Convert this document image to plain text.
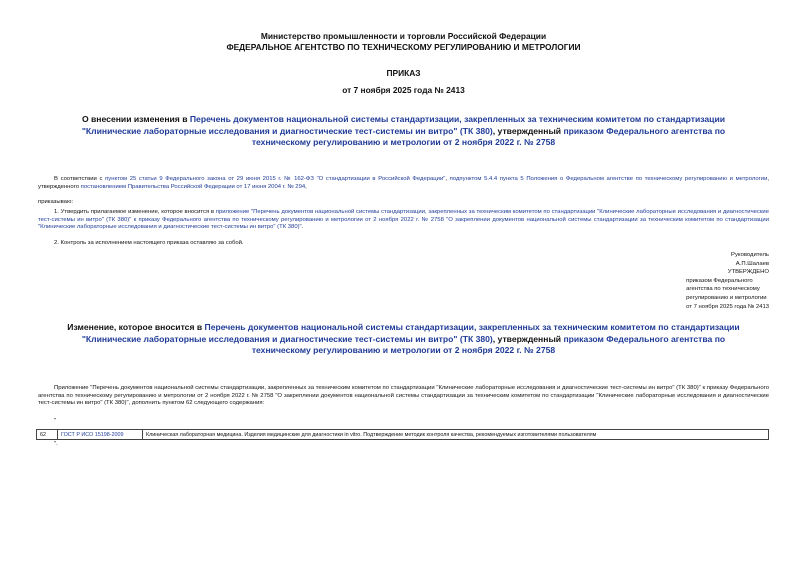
Министерство промышленности и торговли Российской Федерации
ФЕДЕРАЛЬНОЕ АГЕНТСТВО ПО ТЕХНИЧЕСКОМУ РЕГУЛИРОВАНИЮ И МЕТРОЛОГИИ
ПРИКАЗ
от 7 ноября 2025 года № 2413
О внесении изменения в Перечень документов национальной системы стандартизации, закрепленных за техническим комитетом по стандартизации "Клинические лабораторные исследования и диагностические тест-системы ин витро" (ТК 380), утвержденный приказом Федерального агентства по техническому регулированию и метрологии от 2 ноября 2022 г. № 2758
В соответствии с пунктом 25 статьи 9 Федерального закона от 29 июня 2015 г. № 162-ФЗ "О стандартизации в Российской Федерации", подпунктом 5.4.4 пункта 5 Положения о Федеральном агентстве по техническому регулированию и метрологии, утвержденного постановлением Правительства Российской Федерации от 17 июня 2004 г. № 294,
приказываю:
1. Утвердить прилагаемое изменение, которое вносится в приложение "Перечень документов национальной системы стандартизации, закрепленных за техническим комитетом по стандартизации "Клинические лабораторные исследования и диагностические тест-системы ин витро" (ТК 380)" к приказу Федерального агентства по техническому регулированию и метрологии от 2 ноября 2022 г. № 2758 "О закреплении документов национальной системы стандартизации за техническим комитетом по стандартизации "Клинические лабораторные исследования и диагностические тест-системы ин витро" (ТК 380)".
2. Контроль за исполнением настоящего приказа оставляю за собой.
Руководитель
А.П.Шалаев
УТВЕРЖДЕНО
приказом Федерального
агентства по техническому
регулированию и метрологии
от 7 ноября 2025 года № 2413
Изменение, которое вносится в Перечень документов национальной системы стандартизации, закрепленных за техническим комитетом по стандартизации "Клинические лабораторные исследования и диагностические тест-системы ин витро" (ТК 380), утвержденный приказом Федерального агентства по техническому регулированию и метрологии от 2 ноября 2022 г. № 2758
Приложение "Перечень документов национальной системы стандартизации, закрепленных за техническим комитетом по стандартизации "Клинические лабораторные исследования и диагностические тест-системы ин витро" (ТК 380)" к приказу Федерального агентства по техническому регулированию и метрологии от 2 ноября 2022 г. № 2758 "О закреплении документов национальной системы стандартизации за техническим комитетом по стандартизации "Клинические лабораторные исследования и диагностические тест-системы ин витро" (ТК 380)", дополнить пунктом 62 следующего содержания:
"
62	ГОСТ Р ИСО 15198-2009	Клиническая лабораторная медицина. Изделия медицинские для диагностики in vitro. Подтверждение методик контроля качества, рекомендуемых изготовителями пользователям
".
